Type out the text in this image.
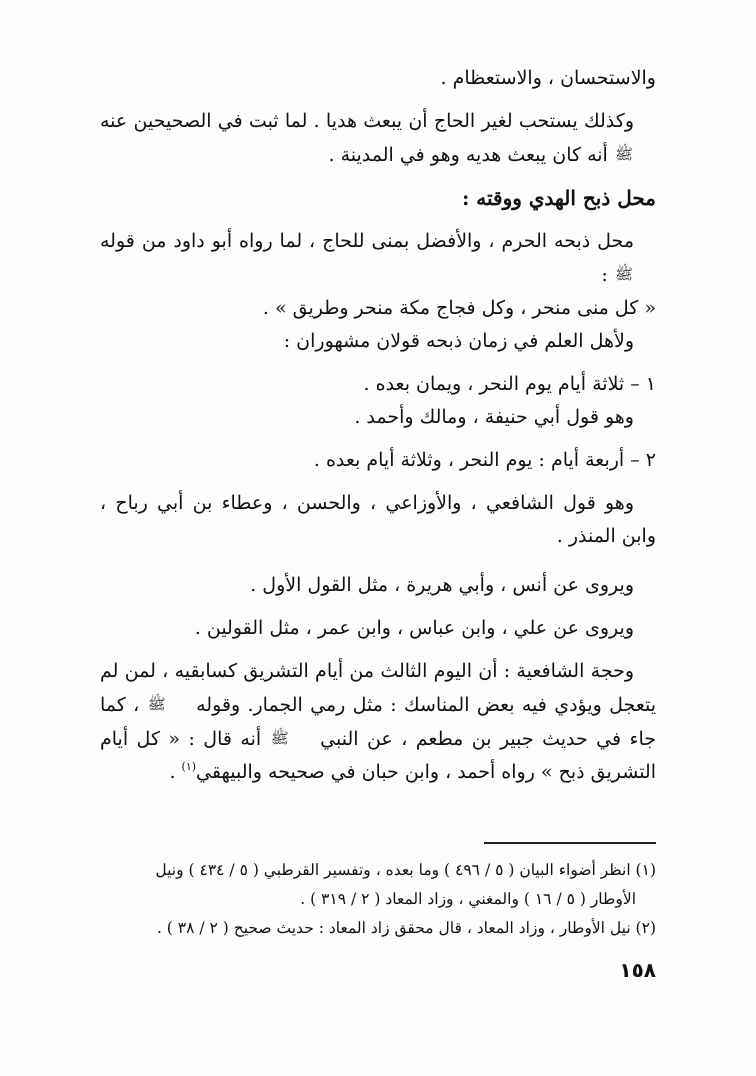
والاستحسان ، والاستعظام .

وكذلك يستحب لغير الحاج أن يبعث هديا . لما ثبت في الصحيحين عنه ﷺ أنه كان يبعث هديه وهو في المدينة .

محل ذبح الهدي ووقته :

محل ذبحه الحرم ، والأفضل بمنى للحاج ، لما رواه أبو داود من قوله ﷺ :
« كل منى منحر ، وكل فجاج مكة منحر وطريق » .

ولأهل العلم في زمان ذبحه قولان مشهوران :

١ – ثلاثة أيام يوم النحر ، ويمان بعده .

وهو قول أبي حنيفة ، ومالك وأحمد .

٢ – أربعة أيام : يوم النحر ، وثلاثة أيام بعده .

وهو قول الشافعي ، والأوزاعي ، والحسن ، وعطاء بن أبي رباح ، وابن المنذر .

ويروى عن أنس ، وأبي هريرة ، مثل القول الأول .

ويروى عن علي ، وابن عباس ، وابن عمر ، مثل القولين .

وحجة الشافعية : أن اليوم الثالث من أيام التشريق كسابقيه ، لمن لم يتعجل ويؤدي فيه بعض المناسك : مثل رمي الجمار. وقوله ﷺ ، كما جاء في حديث جبير بن مطعم ، عن النبي ﷺ أنه قال : « كل أيام التشريق ذبح » رواه أحمد ، وابن حبان في صحيحه والبيهقي$^{(١)}$ .

(١) انظر أضواء البيان ( ٥ / ٤٩٦ ) وما بعده ، وتفسير القرطبي ( ٥ / ٤٣٤ ) ونيل

الأوطار ( ٥ / ١٦ ) والمغني ، وزاد المعاد ( ٢ / ٣١٩ ) .

(٢) نيل الأوطار ، وزاد المعاد ، قال محقق زاد المعاد : حديث صحيح ( ٢ / ٣٨ ) .

١٥٨
